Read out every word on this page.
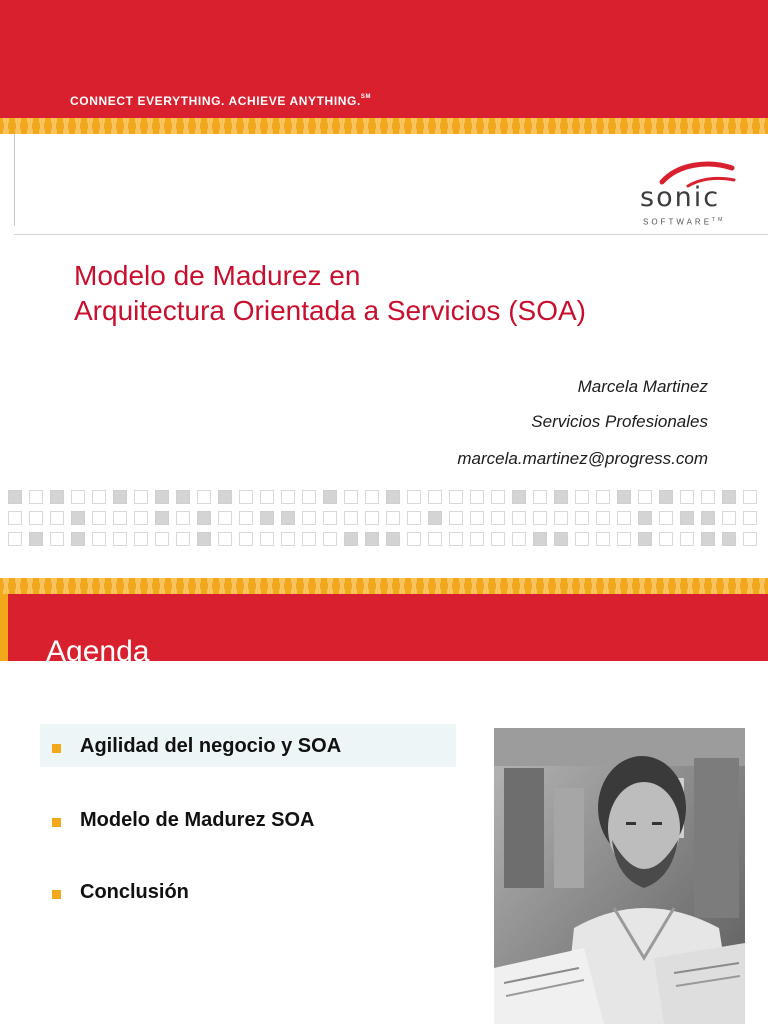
CONNECT EVERYTHING. ACHIEVE ANYTHING.℠
sonic
SOFTWARE™
Modelo de Madurez en
Arquitectura Orientada a Servicios (SOA)
Marcela Martinez
Servicios Profesionales
marcela.martinez@progress.com
Agenda
Agilidad del negocio y SOA
Modelo de Madurez SOA
Conclusión
